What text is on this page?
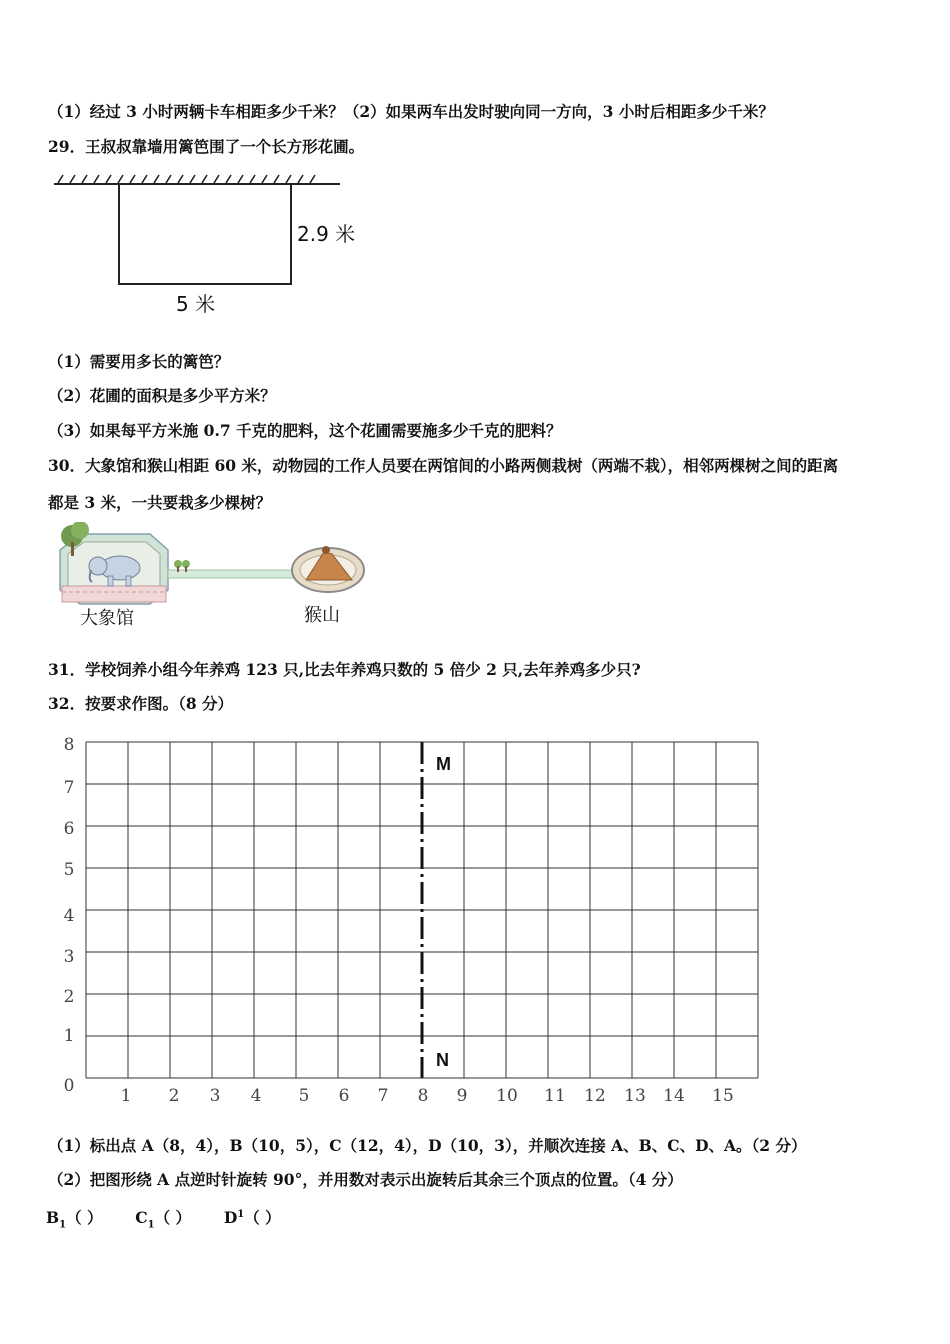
（1）经过 3 小时两辆卡车相距多少千米？（2）如果两车出发时驶向同一方向，3 小时后相距多少千米？
29．王叔叔靠墙用篱笆围了一个长方形花圃。
2.9 米
5 米
（1）需要用多长的篱笆？
（2）花圃的面积是多少平方米？
（3）如果每平方米施 0.7 千克的肥料，这个花圃需要施多少千克的肥料？
30．大象馆和猴山相距 60 米，动物园的工作人员要在两馆间的小路两侧栽树（两端不栽），相邻两棵树之间的距离
都是 3 米，一共要栽多少棵树？
大象馆	猴山
31．学校饲养小组今年养鸡 123 只,比去年养鸡只数的 5 倍少 2 只,去年养鸡多少只?
32．按要求作图。（8 分）
0
1
2
3
4
5
6
7
8
1 2 3 4 5 6 7 8 9 10 11 12 13 14 15
M
N
（1）标出点 A（8，4），B（10，5），C（12，4），D（10，3），并顺次连接 A、B、C、D、A。（2 分）
（2）把图形绕 A 点逆时针旋转 90°，并用数对表示出旋转后其余三个顶点的位置。（4 分）
$B_1$（ ） $C_1$（ ） $D^1$（ ）
